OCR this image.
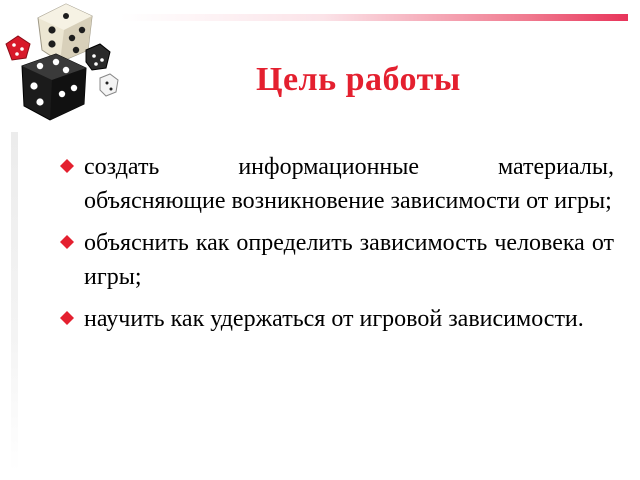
Цель работы
создать информационные материалы, объясняющие возникновение зависимости от игры;
объяснить как определить зависимость человека от игры;
научить как удержаться от игровой зависимости.
